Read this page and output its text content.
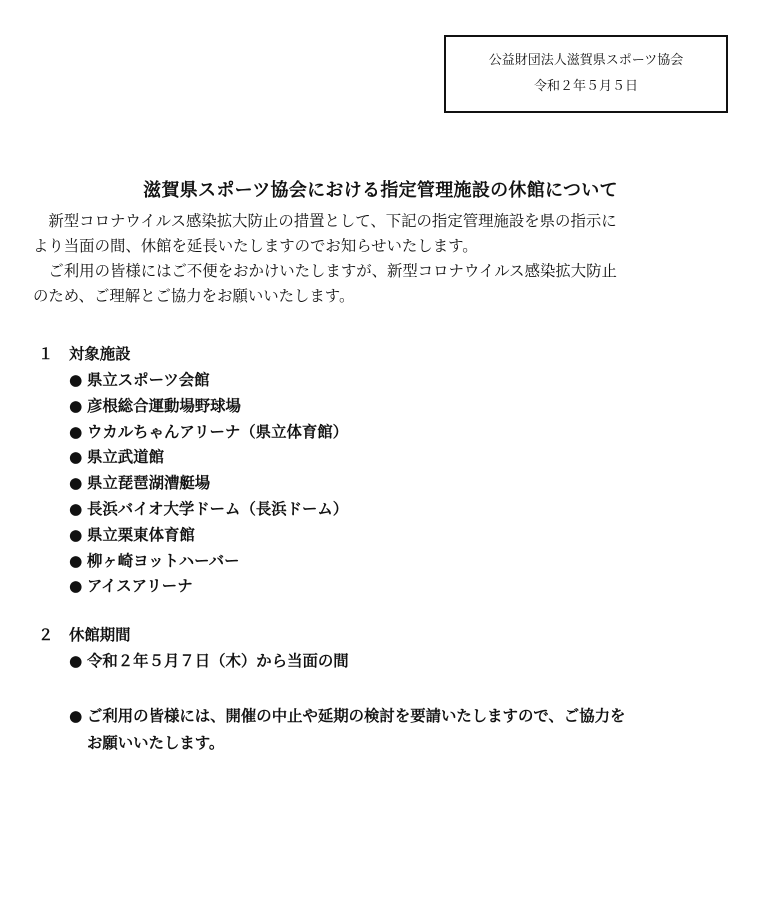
公益財団法人滋賀県スポーツ協会
令和２年５月５日
滋賀県スポーツ協会における指定管理施設の休館について

　新型コロナウイルス感染拡大防止の措置として、下記の指定管理施設を県の指示に

より当面の間、休館を延長いたしますのでお知らせいたします。

　ご利用の皆様にはご不便をおかけいたしますが、新型コロナウイルス感染拡大防止

のため、ご理解とご協力をお願いいたします。

１ 対象施設
● 県立スポーツ会館
● 彦根総合運動場野球場
● ウカルちゃんアリーナ（県立体育館）
● 県立武道館
● 県立琵琶湖漕艇場
● 長浜バイオ大学ドーム（長浜ドーム）
● 県立栗東体育館
● 柳ヶ崎ヨットハーバー
● アイスアリーナ
２ 休館期間
● 令和２年５月７日（木）から当面の間
● ご利用の皆様には、開催の中止や延期の検討を要請いたしますので、ご協力を
お願いいたします。
